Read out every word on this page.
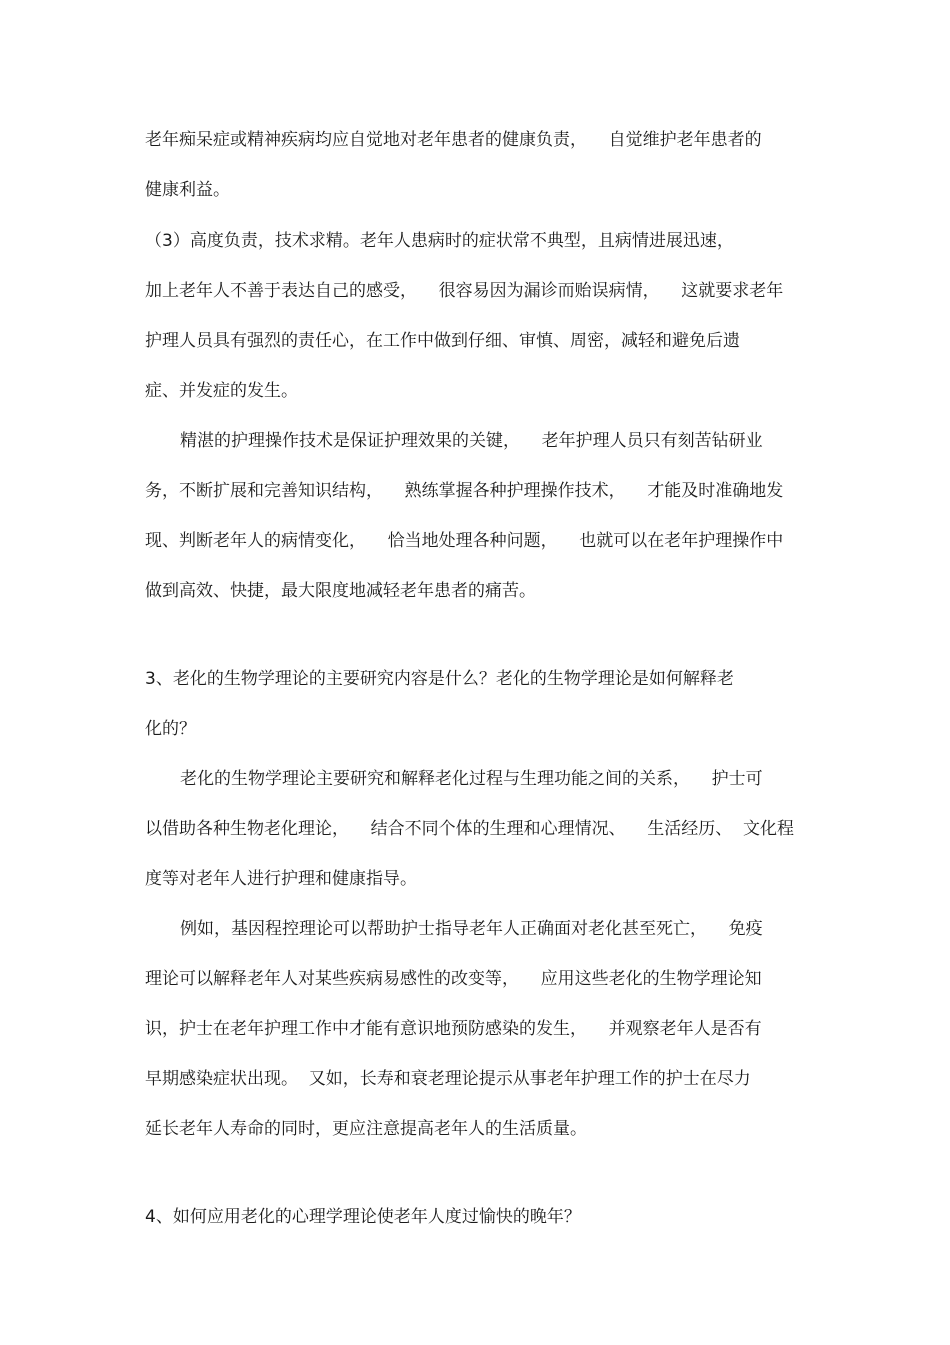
老年痴呆症或精神疾病均应自觉地对老年患者的健康负责，    自觉维护老年患者的
健康利益。
（3）高度负责，技术求精。老年人患病时的症状常不典型，且病情进展迅速，
加上老年人不善于表达自己的感受，    很容易因为漏诊而贻误病情，    这就要求老年
护理人员具有强烈的责任心，在工作中做到仔细、审慎、周密，减轻和避免后遗
症、并发症的发生。
精湛的护理操作技术是保证护理效果的关键，    老年护理人员只有刻苦钻研业
务，不断扩展和完善知识结构，    熟练掌握各种护理操作技术，    才能及时准确地发
现、判断老年人的病情变化，    恰当地处理各种问题，    也就可以在老年护理操作中
做到高效、快捷，最大限度地减轻老年患者的痛苦。
3、老化的生物学理论的主要研究内容是什么？老化的生物学理论是如何解释老
化的？
老化的生物学理论主要研究和解释老化过程与生理功能之间的关系，    护士可
以借助各种生物老化理论，    结合不同个体的生理和心理情况、    生活经历、  文化程
度等对老年人进行护理和健康指导。
例如，基因程控理论可以帮助护士指导老年人正确面对老化甚至死亡，    免疫
理论可以解释老年人对某些疾病易感性的改变等，    应用这些老化的生物学理论知
识，护士在老年护理工作中才能有意识地预防感染的发生，    并观察老年人是否有
早期感染症状出现。  又如，长寿和衰老理论提示从事老年护理工作的护士在尽力
延长老年人寿命的同时，更应注意提高老年人的生活质量。
4、如何应用老化的心理学理论使老年人度过愉快的晚年？
